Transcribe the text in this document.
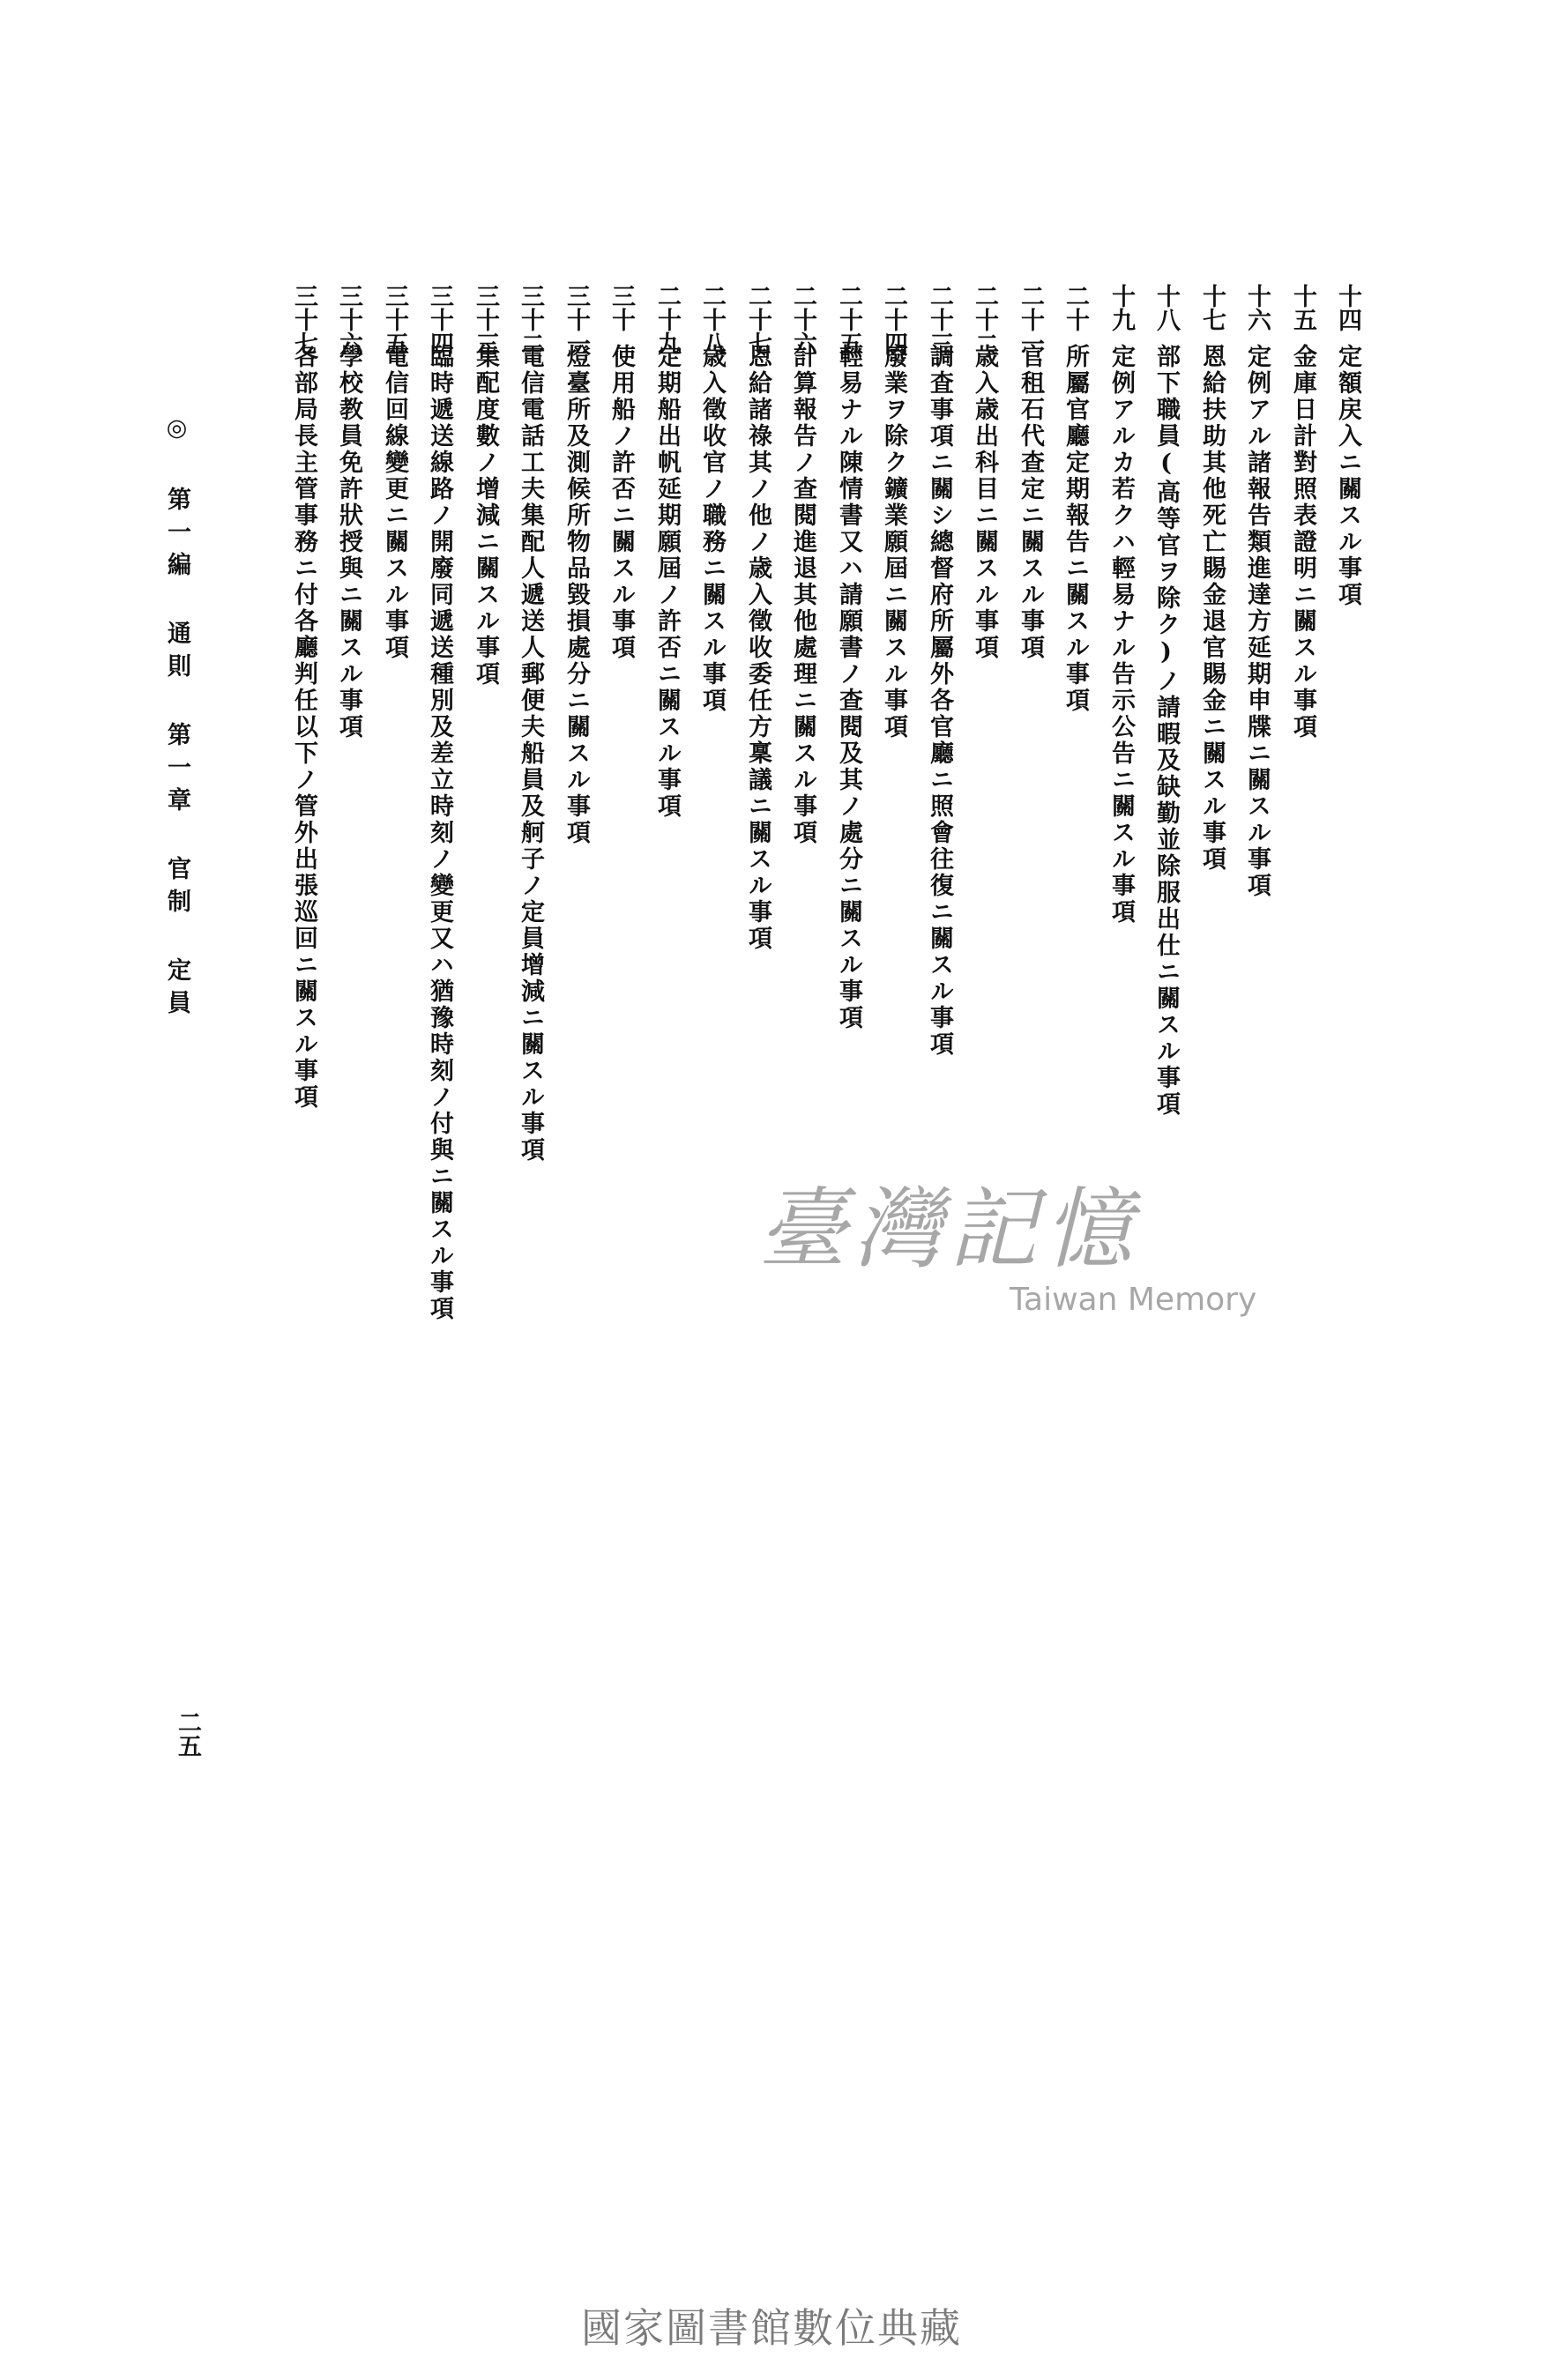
十四定額戻入ニ關スル事項
十五金庫日計對照表證明ニ關スル事項
十六定例アル諸報告類進達方延期申牒ニ關スル事項
十七恩給扶助其他死亡賜金退官賜金ニ關スル事項
十八部下職員(高等官ヲ除ク)ノ請暇及缺勤並除服出仕ニ關スル事項
十九定例アルカ若クハ輕易ナル告示公告ニ關スル事項
二十所屬官廳定期報告ニ關スル事項
二十一官租石代查定ニ關スル事項
二十二歳入歳出科目ニ關スル事項
二十三調査事項ニ關シ總督府所屬外各官廳ニ照會往復ニ關スル事項
二十四廢業ヲ除ク鑛業願屆ニ關スル事項
二十五輕易ナル陳情書又ハ請願書ノ查閱及其ノ處分ニ關スル事項
二十六計算報告ノ查閱進退其他處理ニ關スル事項
二十七恩給諸祿其ノ他ノ歳入徵收委任方稟議ニ關スル事項
二十八歳入徵收官ノ職務ニ關スル事項
二十九定期船出帆延期願屆ノ許否ニ關スル事項
三十使用船ノ許否ニ關スル事項
三十一燈臺所及測候所物品毀損處分ニ關スル事項
三十二電信電話工夫集配人遞送人郵便夫船員及舸子ノ定員增減ニ關スル事項
三十三集配度數ノ增減ニ關スル事項
三十四臨時遞送線路ノ開廢同遞送種別及差立時刻ノ變更又ハ猶豫時刻ノ付與ニ關スル事項
三十五電信回線變更ニ關スル事項
三十六學校教員免許狀授與ニ關スル事項
三十七各部局長主管事務ニ付各廳判任以下ノ管外出張巡回ニ關スル事項
◎ 第一編 通則 第一章 官制 定員
二五
臺灣記憶
Taiwan Memory
國家圖書館數位典藏
